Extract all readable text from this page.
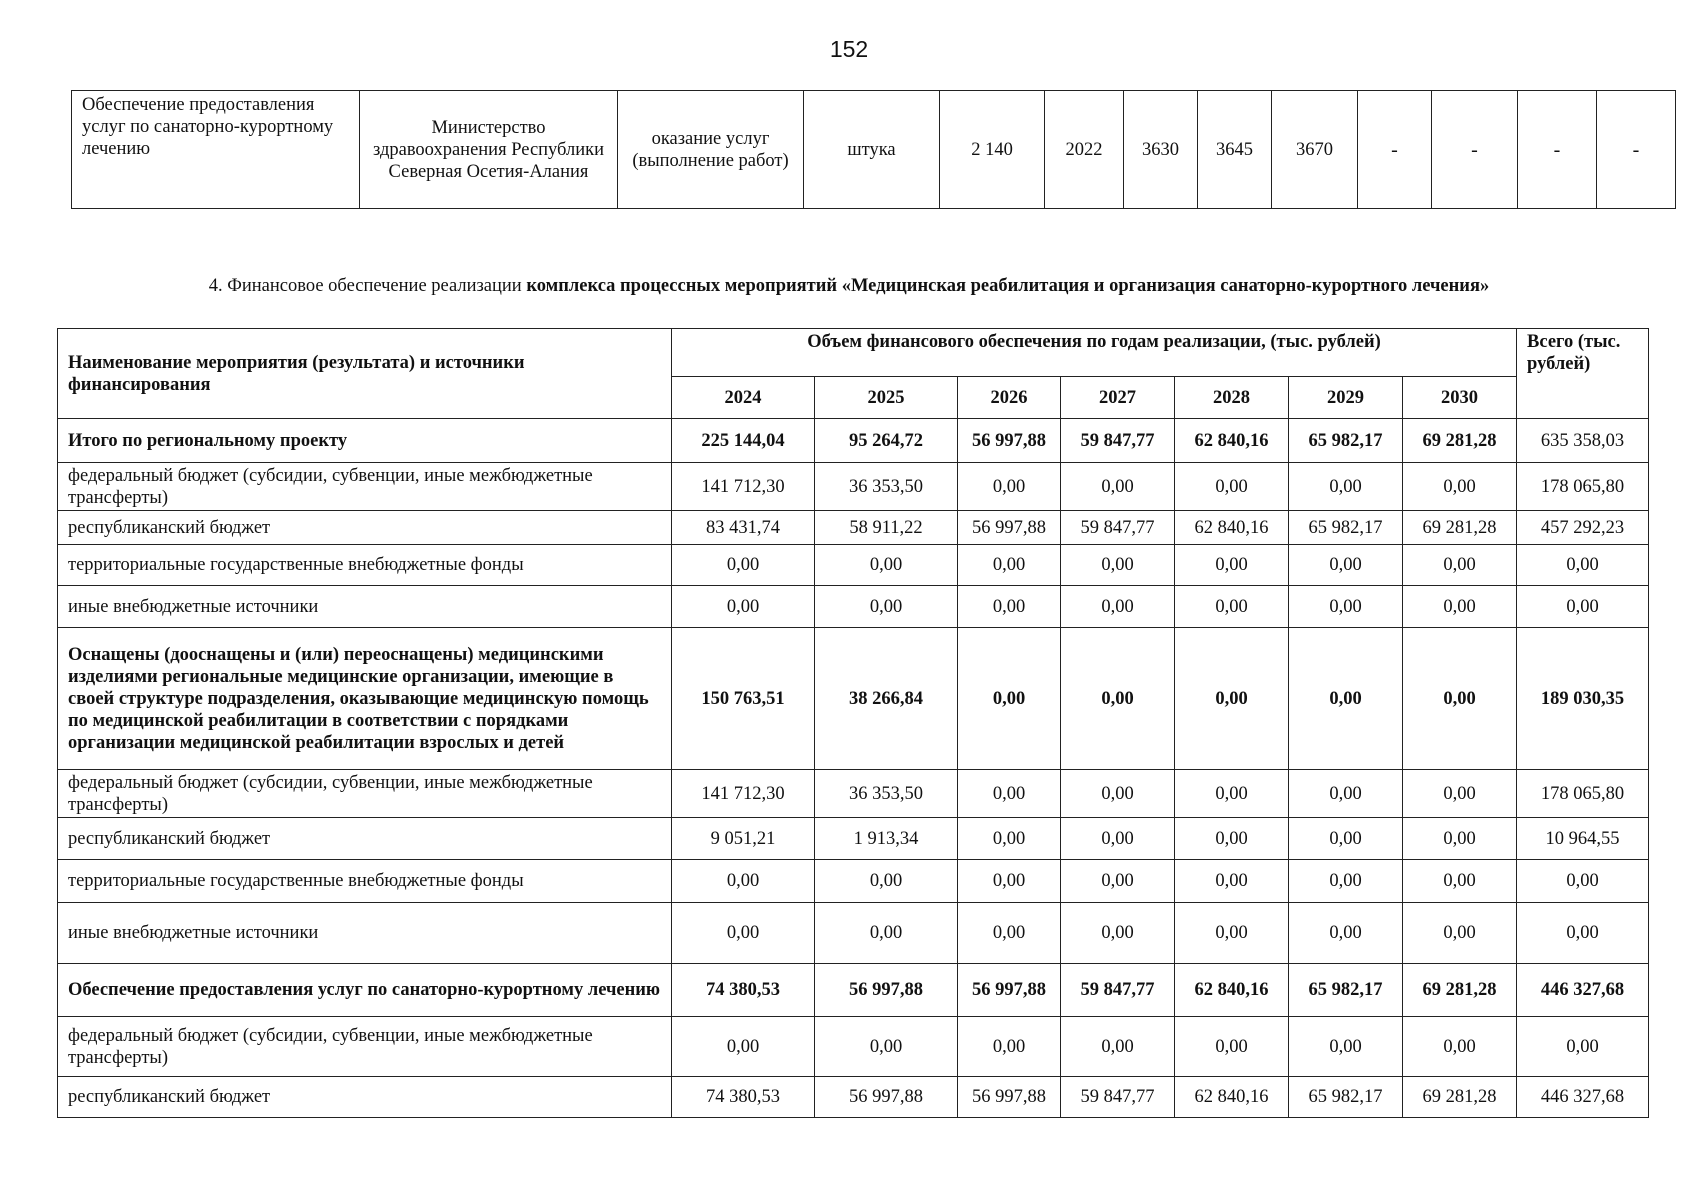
152
Обеспечение предоставления услуг по санаторно-курортному лечению	Министерство здравоохранения Республики Северная Осетия-Алания	оказание услуг (выполнение работ)	штука	2 140	2022	3630	3645	3670	-	-	-	-
4. Финансовое обеспечение реализации комплекса процессных мероприятий «Медицинская реабилитация и организация санаторно-курортного лечения»
Наименование мероприятия (результата) и источники финансирования	Объем финансового обеспечения по годам реализации, (тыс. рублей)							Всего (тыс. рублей)
	2024	2025	2026	2027	2028	2029	2030	
Итого по региональному проекту	225 144,04	95 264,72	56 997,88	59 847,77	62 840,16	65 982,17	69 281,28	635 358,03
федеральный бюджет (субсидии, субвенции, иные межбюджетные трансферты)	141 712,30	36 353,50	0,00	0,00	0,00	0,00	0,00	178 065,80
республиканский бюджет	83 431,74	58 911,22	56 997,88	59 847,77	62 840,16	65 982,17	69 281,28	457 292,23
территориальные государственные внебюджетные фонды	0,00	0,00	0,00	0,00	0,00	0,00	0,00	0,00
иные внебюджетные источники	0,00	0,00	0,00	0,00	0,00	0,00	0,00	0,00
Оснащены (дооснащены и (или) переоснащены) медицинскими изделиями региональные медицинские организации, имеющие в своей структуре подразделения, оказывающие медицинскую помощь по медицинской реабилитации в соответствии с порядками организации медицинской реабилитации взрослых и детей	150 763,51	38 266,84	0,00	0,00	0,00	0,00	0,00	189 030,35
федеральный бюджет (субсидии, субвенции, иные межбюджетные трансферты)	141 712,30	36 353,50	0,00	0,00	0,00	0,00	0,00	178 065,80
республиканский бюджет	9 051,21	1 913,34	0,00	0,00	0,00	0,00	0,00	10 964,55
территориальные государственные внебюджетные фонды	0,00	0,00	0,00	0,00	0,00	0,00	0,00	0,00
иные внебюджетные источники	0,00	0,00	0,00	0,00	0,00	0,00	0,00	0,00
Обеспечение предоставления услуг по санаторно-курортному лечению	74 380,53	56 997,88	56 997,88	59 847,77	62 840,16	65 982,17	69 281,28	446 327,68
федеральный бюджет (субсидии, субвенции, иные межбюджетные трансферты)	0,00	0,00	0,00	0,00	0,00	0,00	0,00	0,00
республиканский бюджет	74 380,53	56 997,88	56 997,88	59 847,77	62 840,16	65 982,17	69 281,28	446 327,68
